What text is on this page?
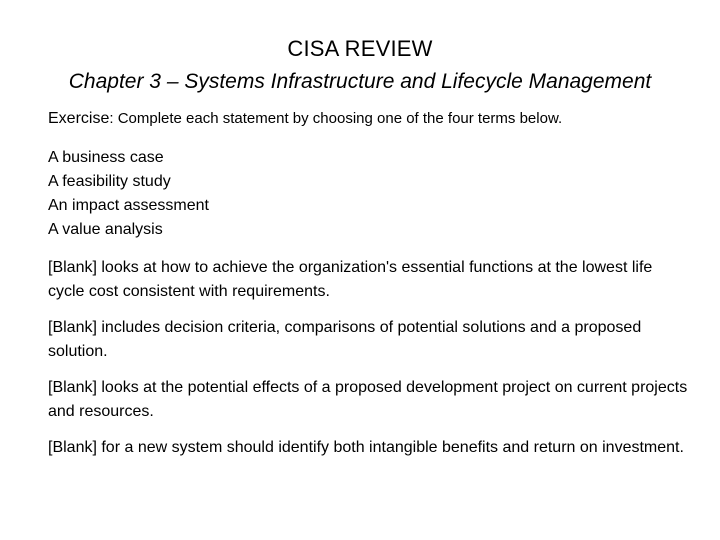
CISA REVIEW
Chapter 3 – Systems Infrastructure and Lifecycle Management
Exercise: Complete each statement by choosing one of the four terms below.
A business case
A feasibility study
An impact assessment
A value analysis

[Blank] looks at how to achieve the organization's essential functions at the lowest life cycle cost consistent with requirements.

[Blank] includes decision criteria, comparisons of potential solutions and a proposed solution.

[Blank] looks at the potential effects of a proposed development project on current projects and resources.

[Blank] for a new system should identify both intangible benefits and return on investment.
